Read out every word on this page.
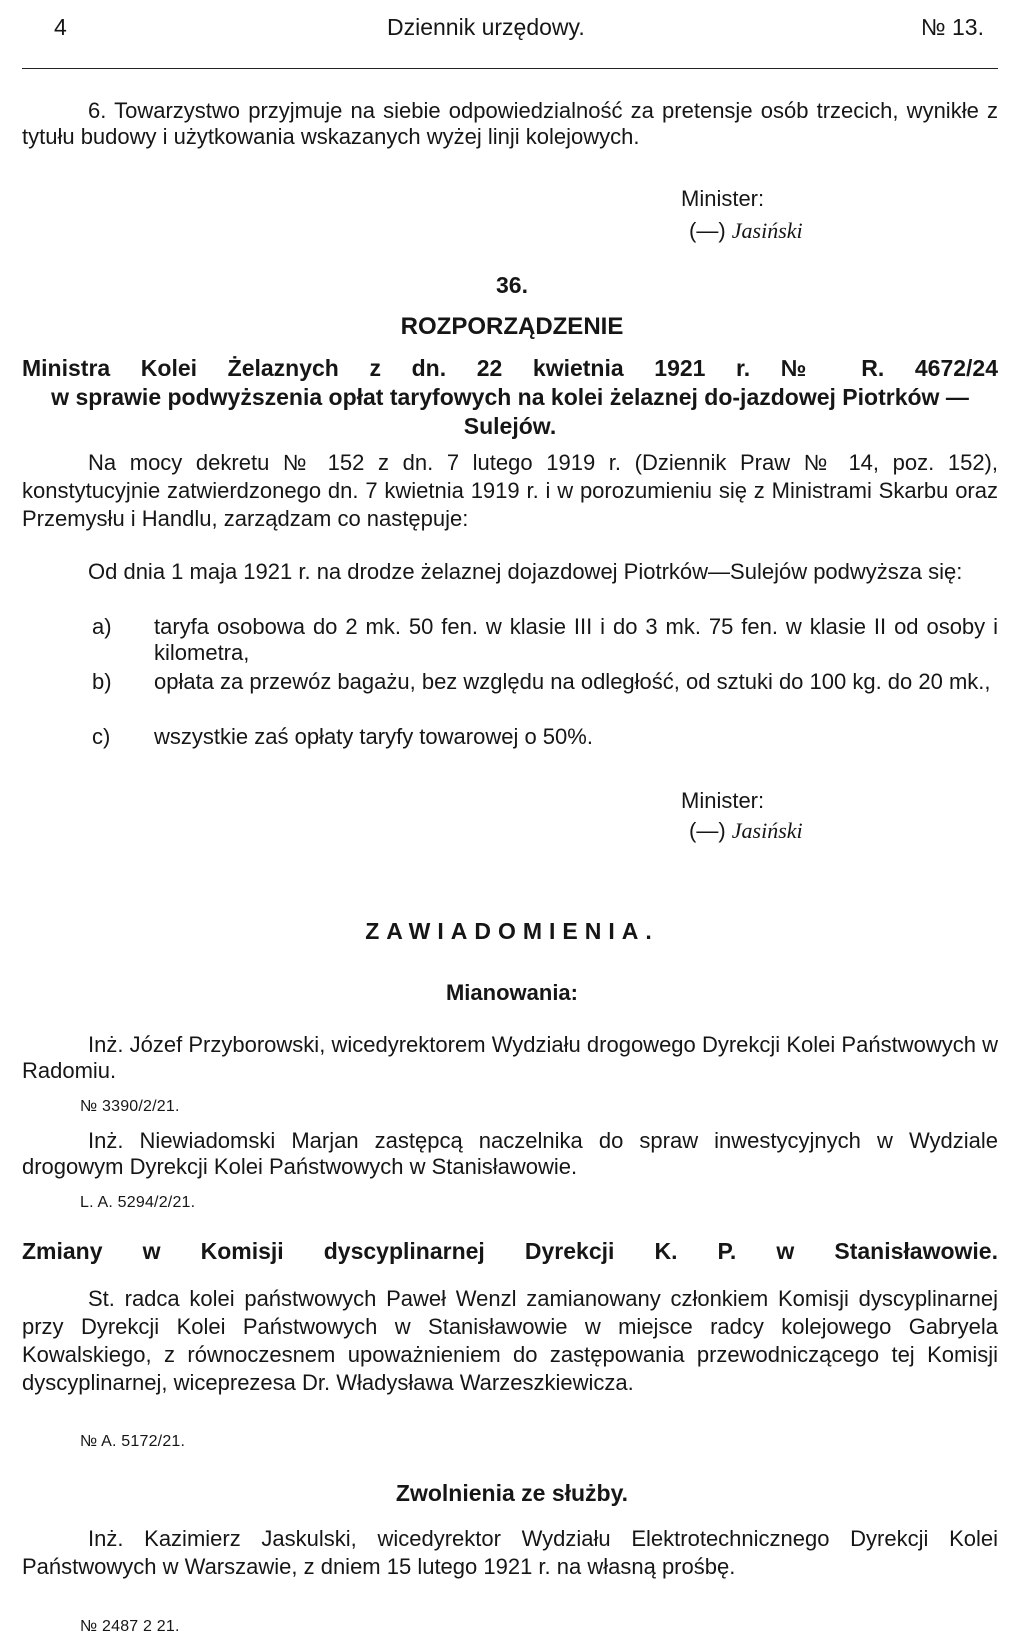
4	Dziennik urzędowy.	№ 13.

6. Towarzystwo przyjmuje na siebie odpowiedzialność za pretensje osób trzecich, wynikłe z tytułu budowy i użytkowania wskazanych wyżej linji kolejowych.

Minister:
(—) Jasiński
36.
ROZPORZĄDZENIE

Ministra Kolei Żelaznych z dn. 22 kwietnia 1921 r. № R. 4672/24

w sprawie podwyższenia opłat taryfowych na kolei żelaznej do-jazdowej Piotrków — Sulejów.

Na mocy dekretu № 152 z dn. 7 lutego 1919 r. (Dziennik Praw № 14, poz. 152), konstytucyjnie zatwierdzonego dn. 7 kwietnia 1919 r. i w porozumieniu się z Ministrami Skarbu oraz Przemysłu i Handlu, zarządzam co następuje:

Od dnia 1 maja 1921 r. na drodze żelaznej dojazdowej Piotrków—Sulejów podwyższa się:

a) taryfa osobowa do 2 mk. 50 fen. w klasie III i do 3 mk. 75 fen. w klasie II od osoby i kilometra,
b) opłata za przewóz bagażu, bez względu na odległość, od sztuki do 100 kg. do 20 mk.,
c) wszystkie zaś opłaty taryfy towarowej o 50%.
Minister:
(—) Jasiński
ZAWIADOMIENIA.
Mianowania:

Inż. Józef Przyborowski, wicedyrektorem Wydziału drogowego Dyrekcji Kolei Państwowych w Radomiu.

№ 3390/2/21.

Inż. Niewiadomski Marjan zastępcą naczelnika do spraw inwestycyjnych w Wydziale drogowym Dyrekcji Kolei Państwowych w Stanisławowie.

L. A. 5294/2/21.

Zmiany w Komisji dyscyplinarnej Dyrekcji K. P. w Stanisławowie.

St. radca kolei państwowych Paweł Wenzl zamianowany członkiem Komisji dyscyplinarnej przy Dyrekcji Kolei Państwowych w Stanisławowie w miejsce radcy kolejowego Gabryela Kowalskiego, z równoczesnem upoważnieniem do zastępowania przewodniczącego tej Komisji dyscyplinarnej, wiceprezesa Dr. Władysława Warzeszkiewicza.

№ A. 5172/21.
Zwolnienia ze służby.

Inż. Kazimierz Jaskulski, wicedyrektor Wydziału Elektrotechnicznego Dyrekcji Kolei Państwowych w Warszawie, z dniem 15 lutego 1921 r. na własną prośbę.

№ 2487 2 21.
